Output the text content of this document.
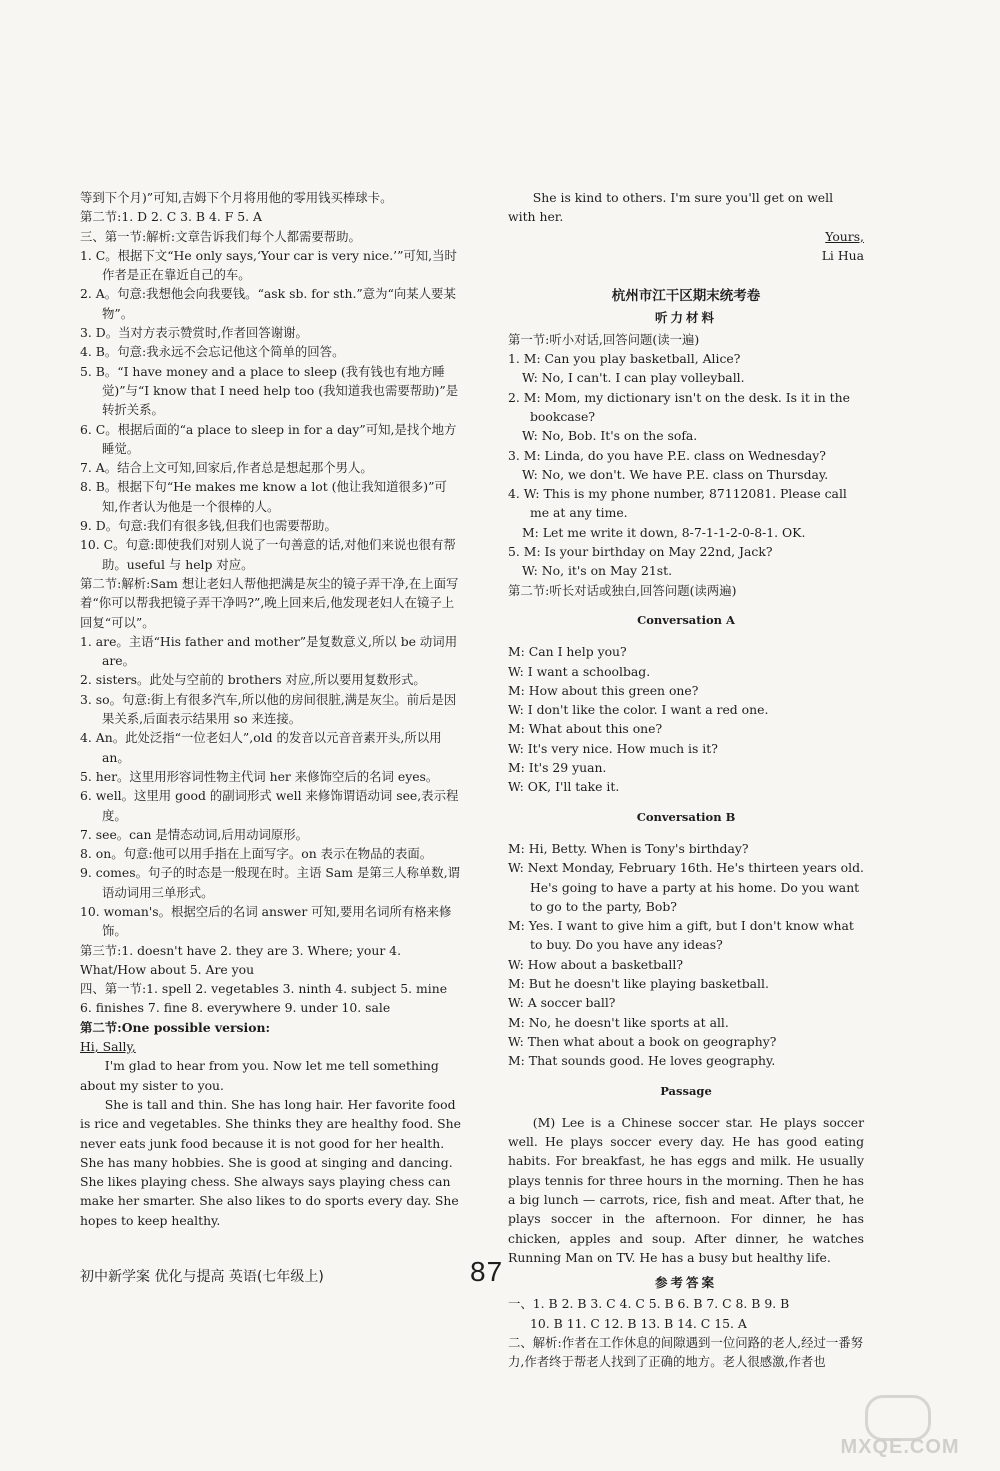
等到下个月)”可知,吉姆下个月将用他的零用钱买棒球卡。

第二节:1. D 2. C 3. B 4. F 5. A

三、第一节:解析:文章告诉我们每个人都需要帮助。

1. C。根据下文“He only says,‘Your car is very nice.’”可知,当时作者是正在靠近自己的车。

2. A。句意:我想他会向我要钱。“ask sb. for sth.”意为“向某人要某物”。

3. D。当对方表示赞赏时,作者回答谢谢。

4. B。句意:我永远不会忘记他这个简单的回答。

5. B。“I have money and a place to sleep (我有钱也有地方睡觉)”与“I know that I need help too (我知道我也需要帮助)”是转折关系。

6. C。根据后面的“a place to sleep in for a day”可知,是找个地方睡觉。

7. A。结合上文可知,回家后,作者总是想起那个男人。

8. B。根据下句“He makes me know a lot (他让我知道很多)”可知,作者认为他是一个很棒的人。

9. D。句意:我们有很多钱,但我们也需要帮助。

10. C。句意:即使我们对别人说了一句善意的话,对他们来说也很有帮助。useful 与 help 对应。

第二节:解析:Sam 想让老妇人帮他把满是灰尘的镜子弄干净,在上面写着“你可以帮我把镜子弄干净吗?”,晚上回来后,他发现老妇人在镜子上回复“可以”。

1. are。主语“His father and mother”是复数意义,所以 be 动词用 are。

2. sisters。此处与空前的 brothers 对应,所以要用复数形式。

3. so。句意:街上有很多汽车,所以他的房间很脏,满是灰尘。前后是因果关系,后面表示结果用 so 来连接。

4. An。此处泛指“一位老妇人”,old 的发音以元音音素开头,所以用 an。

5. her。这里用形容词性物主代词 her 来修饰空后的名词 eyes。

6. well。这里用 good 的副词形式 well 来修饰谓语动词 see,表示程度。

7. see。can 是情态动词,后用动词原形。

8. on。句意:他可以用手指在上面写字。on 表示在物品的表面。

9. comes。句子的时态是一般现在时。主语 Sam 是第三人称单数,谓语动词用三单形式。

10. woman's。根据空后的名词 answer 可知,要用名词所有格来修饰。

第三节:1. doesn't have 2. they are 3. Where; your 4. What/How about 5. Are you

四、第一节:1. spell 2. vegetables 3. ninth 4. subject 5. mine 6. finishes 7. fine 8. everywhere 9. under 10. sale

第二节:One possible version:

Hi, Sally,

I'm glad to hear from you. Now let me tell something about my sister to you.

She is tall and thin. She has long hair. Her favorite food is rice and vegetables. She thinks they are healthy food. She never eats junk food because it is not good for her health. She has many hobbies. She is good at singing and dancing. She likes playing chess. She always says playing chess can make her smarter. She also likes to do sports every day. She hopes to keep healthy.

She is kind to others. I'm sure you'll get on well with her.

Yours,

Li Hua

杭州市江干区期末统考卷

听力材料

第一节:听小对话,回答问题(读一遍)

1. M: Can you play basketball, Alice?

W: No, I can't. I can play volleyball.

2. M: Mom, my dictionary isn't on the desk. Is it in the bookcase?

W: No, Bob. It's on the sofa.

3. M: Linda, do you have P.E. class on Wednesday?

W: No, we don't. We have P.E. class on Thursday.

4. W: This is my phone number, 87112081. Please call me at any time.

M: Let me write it down, 8-7-1-1-2-0-8-1. OK.

5. M: Is your birthday on May 22nd, Jack?

W: No, it's on May 21st.

第二节:听长对话或独白,回答问题(读两遍)

Conversation A

M: Can I help you?

W: I want a schoolbag.

M: How about this green one?

W: I don't like the color. I want a red one.

M: What about this one?

W: It's very nice. How much is it?

M: It's 29 yuan.

W: OK, I'll take it.

Conversation B

M: Hi, Betty. When is Tony's birthday?

W: Next Monday, February 16th. He's thirteen years old. He's going to have a party at his home. Do you want to go to the party, Bob?

M: Yes. I want to give him a gift, but I don't know what to buy. Do you have any ideas?

W: How about a basketball?

M: But he doesn't like playing basketball.

W: A soccer ball?

M: No, he doesn't like sports at all.

W: Then what about a book on geography?

M: That sounds good. He loves geography.

Passage

(M) Lee is a Chinese soccer star. He plays soccer well. He plays soccer every day. He has good eating habits. For breakfast, he has eggs and milk. He usually plays tennis for three hours in the morning. Then he has a big lunch — carrots, rice, fish and meat. After that, he plays soccer in the afternoon. For dinner, he has chicken, apples and soup. After dinner, he watches Running Man on TV. He has a busy but healthy life.

参考答案

一、1. B 2. B 3. C 4. C 5. B 6. B 7. C 8. B 9. B

10. B 11. C 12. B 13. B 14. C 15. A

二、解析:作者在工作休息的间隙遇到一位问路的老人,经过一番努力,作者终于帮老人找到了正确的地方。老人很感激,作者也

初中新学案 优化与提高 英语(七年级上)	87
MXQE.COM
